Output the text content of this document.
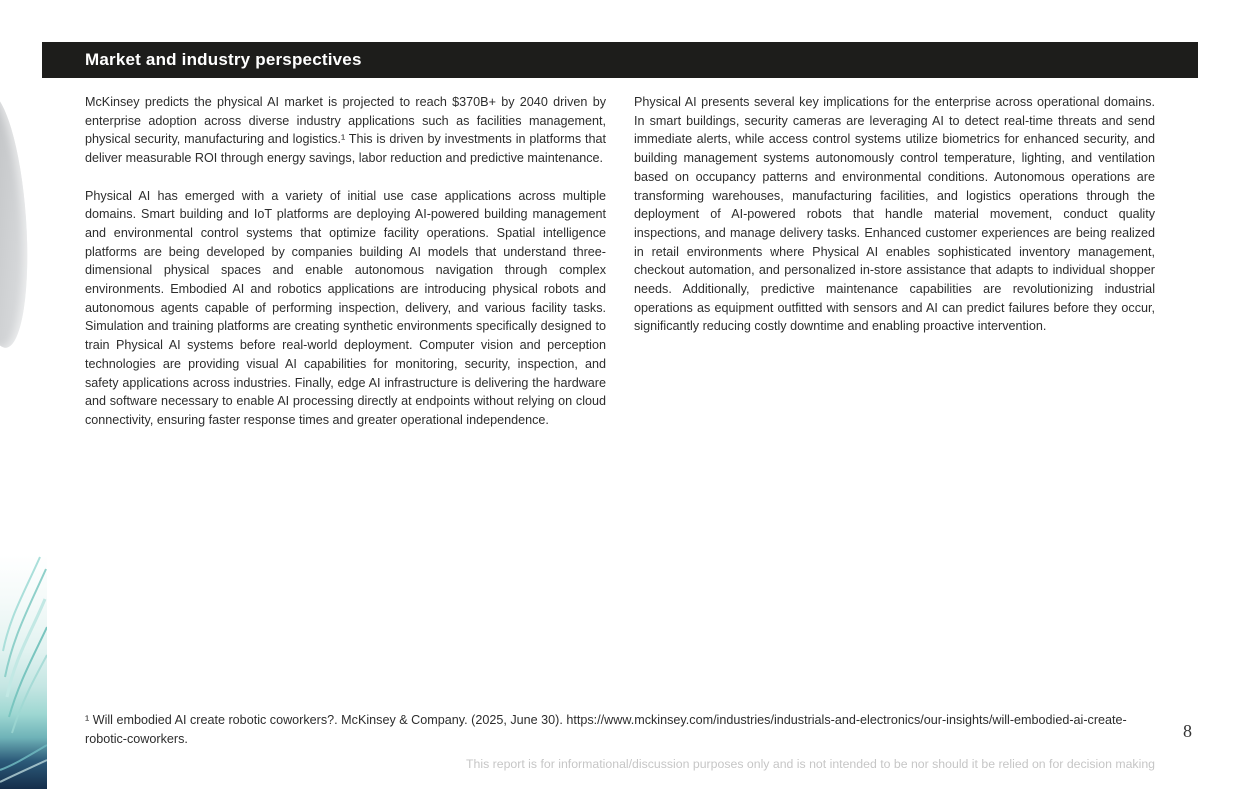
Market and industry perspectives

McKinsey predicts the physical AI market is projected to reach $370B+ by 2040 driven by enterprise adoption across diverse industry applications such as facilities management, physical security, manufacturing and logistics.¹ This is driven by investments in platforms that deliver measurable ROI through energy savings, labor reduction and predictive maintenance.

Physical AI has emerged with a variety of initial use case applications across multiple domains. Smart building and IoT platforms are deploying AI-powered building management and environmental control systems that optimize facility operations. Spatial intelligence platforms are being developed by companies building AI models that understand three-dimensional physical spaces and enable autonomous navigation through complex environments. Embodied AI and robotics applications are introducing physical robots and autonomous agents capable of performing inspection, delivery, and various facility tasks. Simulation and training platforms are creating synthetic environments specifically designed to train Physical AI systems before real-world deployment. Computer vision and perception technologies are providing visual AI capabilities for monitoring, security, inspection, and safety applications across industries. Finally, edge AI infrastructure is delivering the hardware and software necessary to enable AI processing directly at endpoints without relying on cloud connectivity, ensuring faster response times and greater operational independence.

Physical AI presents several key implications for the enterprise across operational domains. In smart buildings, security cameras are leveraging AI to detect real-time threats and send immediate alerts, while access control systems utilize biometrics for enhanced security, and building management systems autonomously control temperature, lighting, and ventilation based on occupancy patterns and environmental conditions. Autonomous operations are transforming warehouses, manufacturing facilities, and logistics operations through the deployment of AI-powered robots that handle material movement, conduct quality inspections, and manage delivery tasks. Enhanced customer experiences are being realized in retail environments where Physical AI enables sophisticated inventory management, checkout automation, and personalized in-store assistance that adapts to individual shopper needs. Additionally, predictive maintenance capabilities are revolutionizing industrial operations as equipment outfitted with sensors and AI can predict failures before they occur, significantly reducing costly downtime and enabling proactive intervention.

¹ Will embodied AI create robotic coworkers?. McKinsey & Company. (2025, June 30). https://www.mckinsey.com/industries/industrials-and-electronics/our-insights/will-embodied-ai-create-robotic-coworkers.	8
This report is for informational/discussion purposes only and is not intended to be nor should it be relied on for decision making
